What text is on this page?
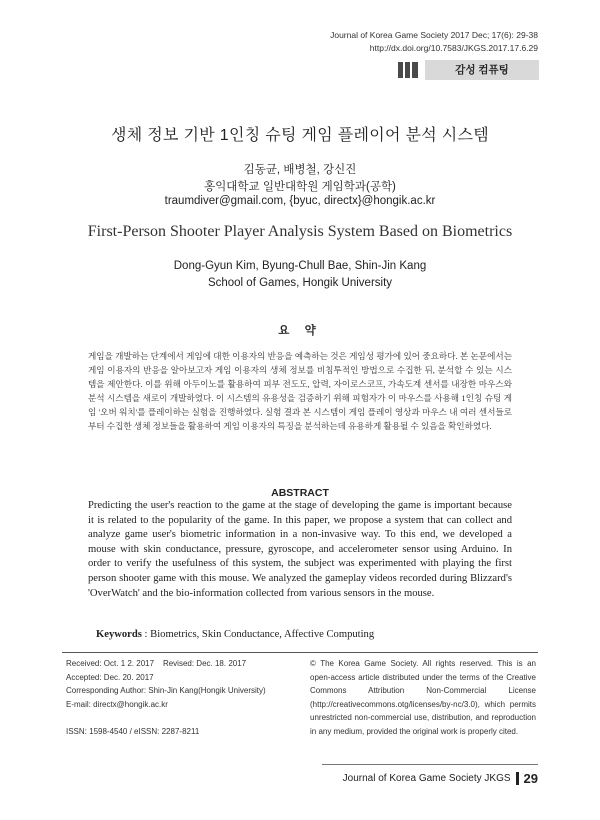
Journal of Korea Game Society 2017 Dec; 17(6): 29-38
http://dx.doi.org/10.7583/JKGS.2017.17.6.29
감성 컴퓨팅
생체 정보 기반 1인칭 슈팅 게임 플레이어 분석 시스템
김동균, 배병철, 강신진
홍익대학교 일반대학원 게임학과(공학)
traumdiver@gmail.com, {byuc, directx}@hongik.ac.kr
First-Person Shooter Player Analysis System Based on Biometrics
Dong-Gyun Kim, Byung-Chull Bae, Shin-Jin Kang
School of Games, Hongik University
요 약

게임을 개발하는 단계에서 게임에 대한 이용자의 반응을 예측하는 것은 게임성 평가에 있어 중요하다. 본 논문에서는 게임 이용자의 반응을 알아보고자 게임 이용자의 생체 정보를 비침투적인 방법으로 수집한 뒤, 분석할 수 있는 시스템을 제안한다. 이를 위해 아두이노를 활용하여 피부 전도도, 압력, 자이로스코프, 가속도계 센서를 내장한 마우스와 분석 시스템을 새로이 개발하였다. 이 시스템의 유용성을 검증하기 위해 피험자가 이 마우스를 사용해 1인칭 슈팅 게임 '오버 워치'를 플레이하는 실험을 진행하였다. 실험 결과 본 시스템이 게임 플레이 영상과 마우스 내 여러 센서들로부터 수집한 생체 정보들을 활용하여 게임 이용자의 특징을 분석하는데 유용하게 활용될 수 있음을 확인하였다.

ABSTRACT

Predicting the user's reaction to the game at the stage of developing the game is important because it is related to the popularity of the game. In this paper, we propose a system that can collect and analyze game user's biometric information in a non-invasive way. To this end, we developed a mouse with skin conductance, pressure, gyroscope, and accelerometer sensor using Arduino. In order to verify the usefulness of this system, the subject was experimented with playing the first person shooter game with this mouse. We analyzed the gameplay videos recorded during Blizzard's 'OverWatch' and the bio-information collected from various sensors in the mouse.

Keywords : Biometrics, Skin Conductance, Affective Computing
Received: Oct. 1 2. 2017 Revised: Dec. 18. 2017
Accepted: Dec. 20. 2017
Corresponding Author: Shin-Jin Kang(Hongik University)
E-mail: directx@hongik.ac.kr
ISSN: 1598-4540 / eISSN: 2287-8211

© The Korea Game Society. All rights reserved. This is an open-access article distributed under the terms of the Creative Commons Attribution Non-Commercial License (http://creativecommons.otg/licenses/by-nc/3.0), which permits unrestricted non-commercial use, distribution, and reproduction in any medium, provided the original work is properly cited.

Journal of Korea Game Society JKGS 29
